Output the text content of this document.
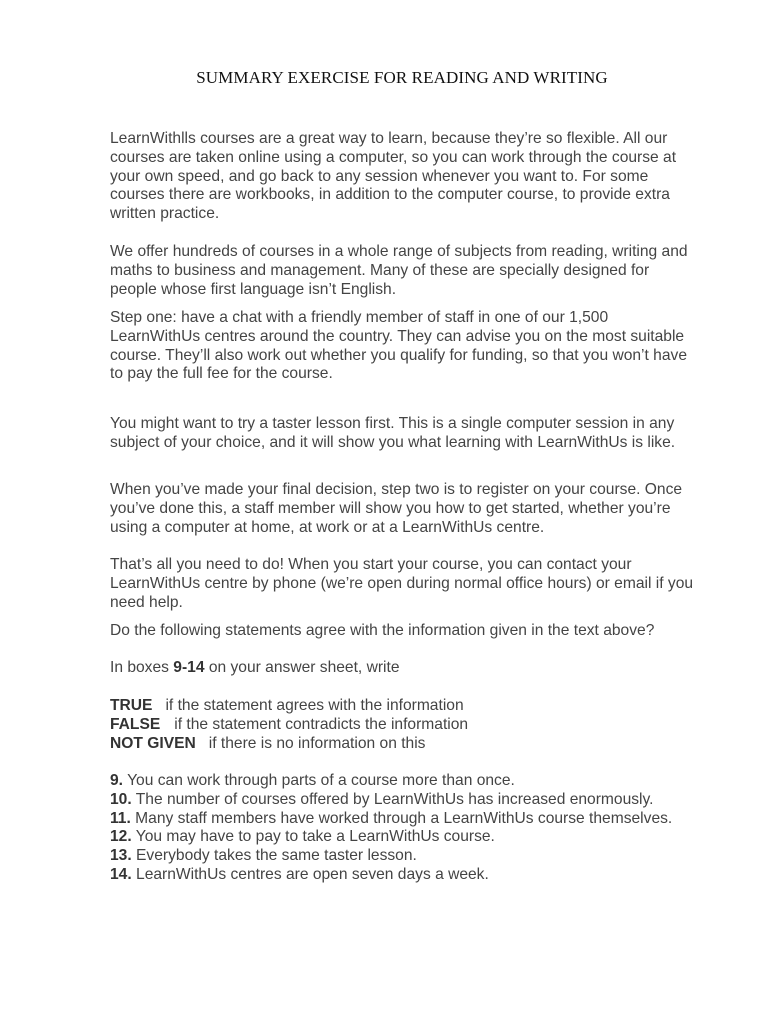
SUMMARY EXERCISE FOR READING AND WRITING

LearnWithlls courses are a great way to learn, because they’re so flexible. All our courses are taken online using a computer, so you can work through the course at your own speed, and go back to any session whenever you want to. For some courses there are workbooks, in addition to the computer course, to provide extra written practice.

We offer hundreds of courses in a whole range of subjects from reading, writing and maths to business and management. Many of these are specially designed for people whose first language isn’t English.

Step one: have a chat with a friendly member of staff in one of our 1,500 LearnWithUs centres around the country. They can advise you on the most suitable course. They’ll also work out whether you qualify for funding, so that you won’t have to pay the full fee for the course.

You might want to try a taster lesson first. This is a single computer session in any subject of your choice, and it will show you what learning with LearnWithUs is like.

When you’ve made your final decision, step two is to register on your course. Once you’ve done this, a staff member will show you how to get started, whether you’re using a computer at home, at work or at a LearnWithUs centre.

That’s all you need to do! When you start your course, you can contact your LearnWithUs centre by phone (we’re open during normal office hours) or email if you need help.

Do the following statements agree with the information given in the text above?

In boxes 9-14 on your answer sheet, write

TRUE if the statement agrees with the information

FALSE if the statement contradicts the information

NOT GIVEN if there is no information on this

9. You can work through parts of a course more than once.

10. The number of courses offered by LearnWithUs has increased enormously.

11. Many staff members have worked through a LearnWithUs course themselves.

12. You may have to pay to take a LearnWithUs course.

13. Everybody takes the same taster lesson.

14. LearnWithUs centres are open seven days a week.
